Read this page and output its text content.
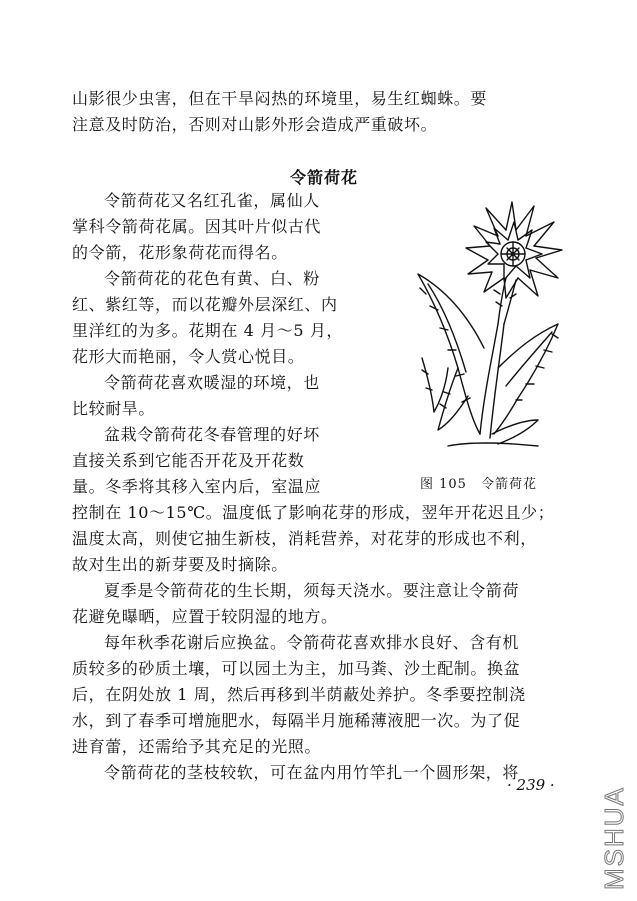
山影很少虫害，但在干旱闷热的环境里，易生红蜘蛛。要
注意及时防治，否则对山影外形会造成严重破坏。
令箭荷花
令箭荷花又名红孔雀，属仙人
掌科令箭荷花属。因其叶片似古代
的令箭，花形象荷花而得名。
令箭荷花的花色有黄、白、粉
红、紫红等，而以花瓣外层深红、内
里洋红的为多。花期在 4 月～5 月，
花形大而艳丽，令人赏心悦目。
令箭荷花喜欢暖湿的环境，也
比较耐旱。
盆栽令箭荷花冬春管理的好坏
直接关系到它能否开花及开花数
量。冬季将其移入室内后，室温应	图 105　令箭荷花
控制在 10～15℃。温度低了影响花芽的形成，翌年开花迟且少；
温度太高，则使它抽生新枝，消耗营养，对花芽的形成也不利，
故对生出的新芽要及时摘除。
夏季是令箭荷花的生长期，须每天浇水。要注意让令箭荷
花避免曝晒，应置于较阴湿的地方。
每年秋季花谢后应换盆。令箭荷花喜欢排水良好、含有机
质较多的砂质土壤，可以园土为主，加马粪、沙土配制。换盆
后，在阴处放 1 周，然后再移到半荫蔽处养护。冬季要控制浇
水，到了春季可增施肥水，每隔半月施稀薄液肥一次。为了促
进育蕾，还需给予其充足的光照。
令箭荷花的茎枝较软，可在盆内用竹竿扎一个圆形架，将
· 239 ·
MSHUA
